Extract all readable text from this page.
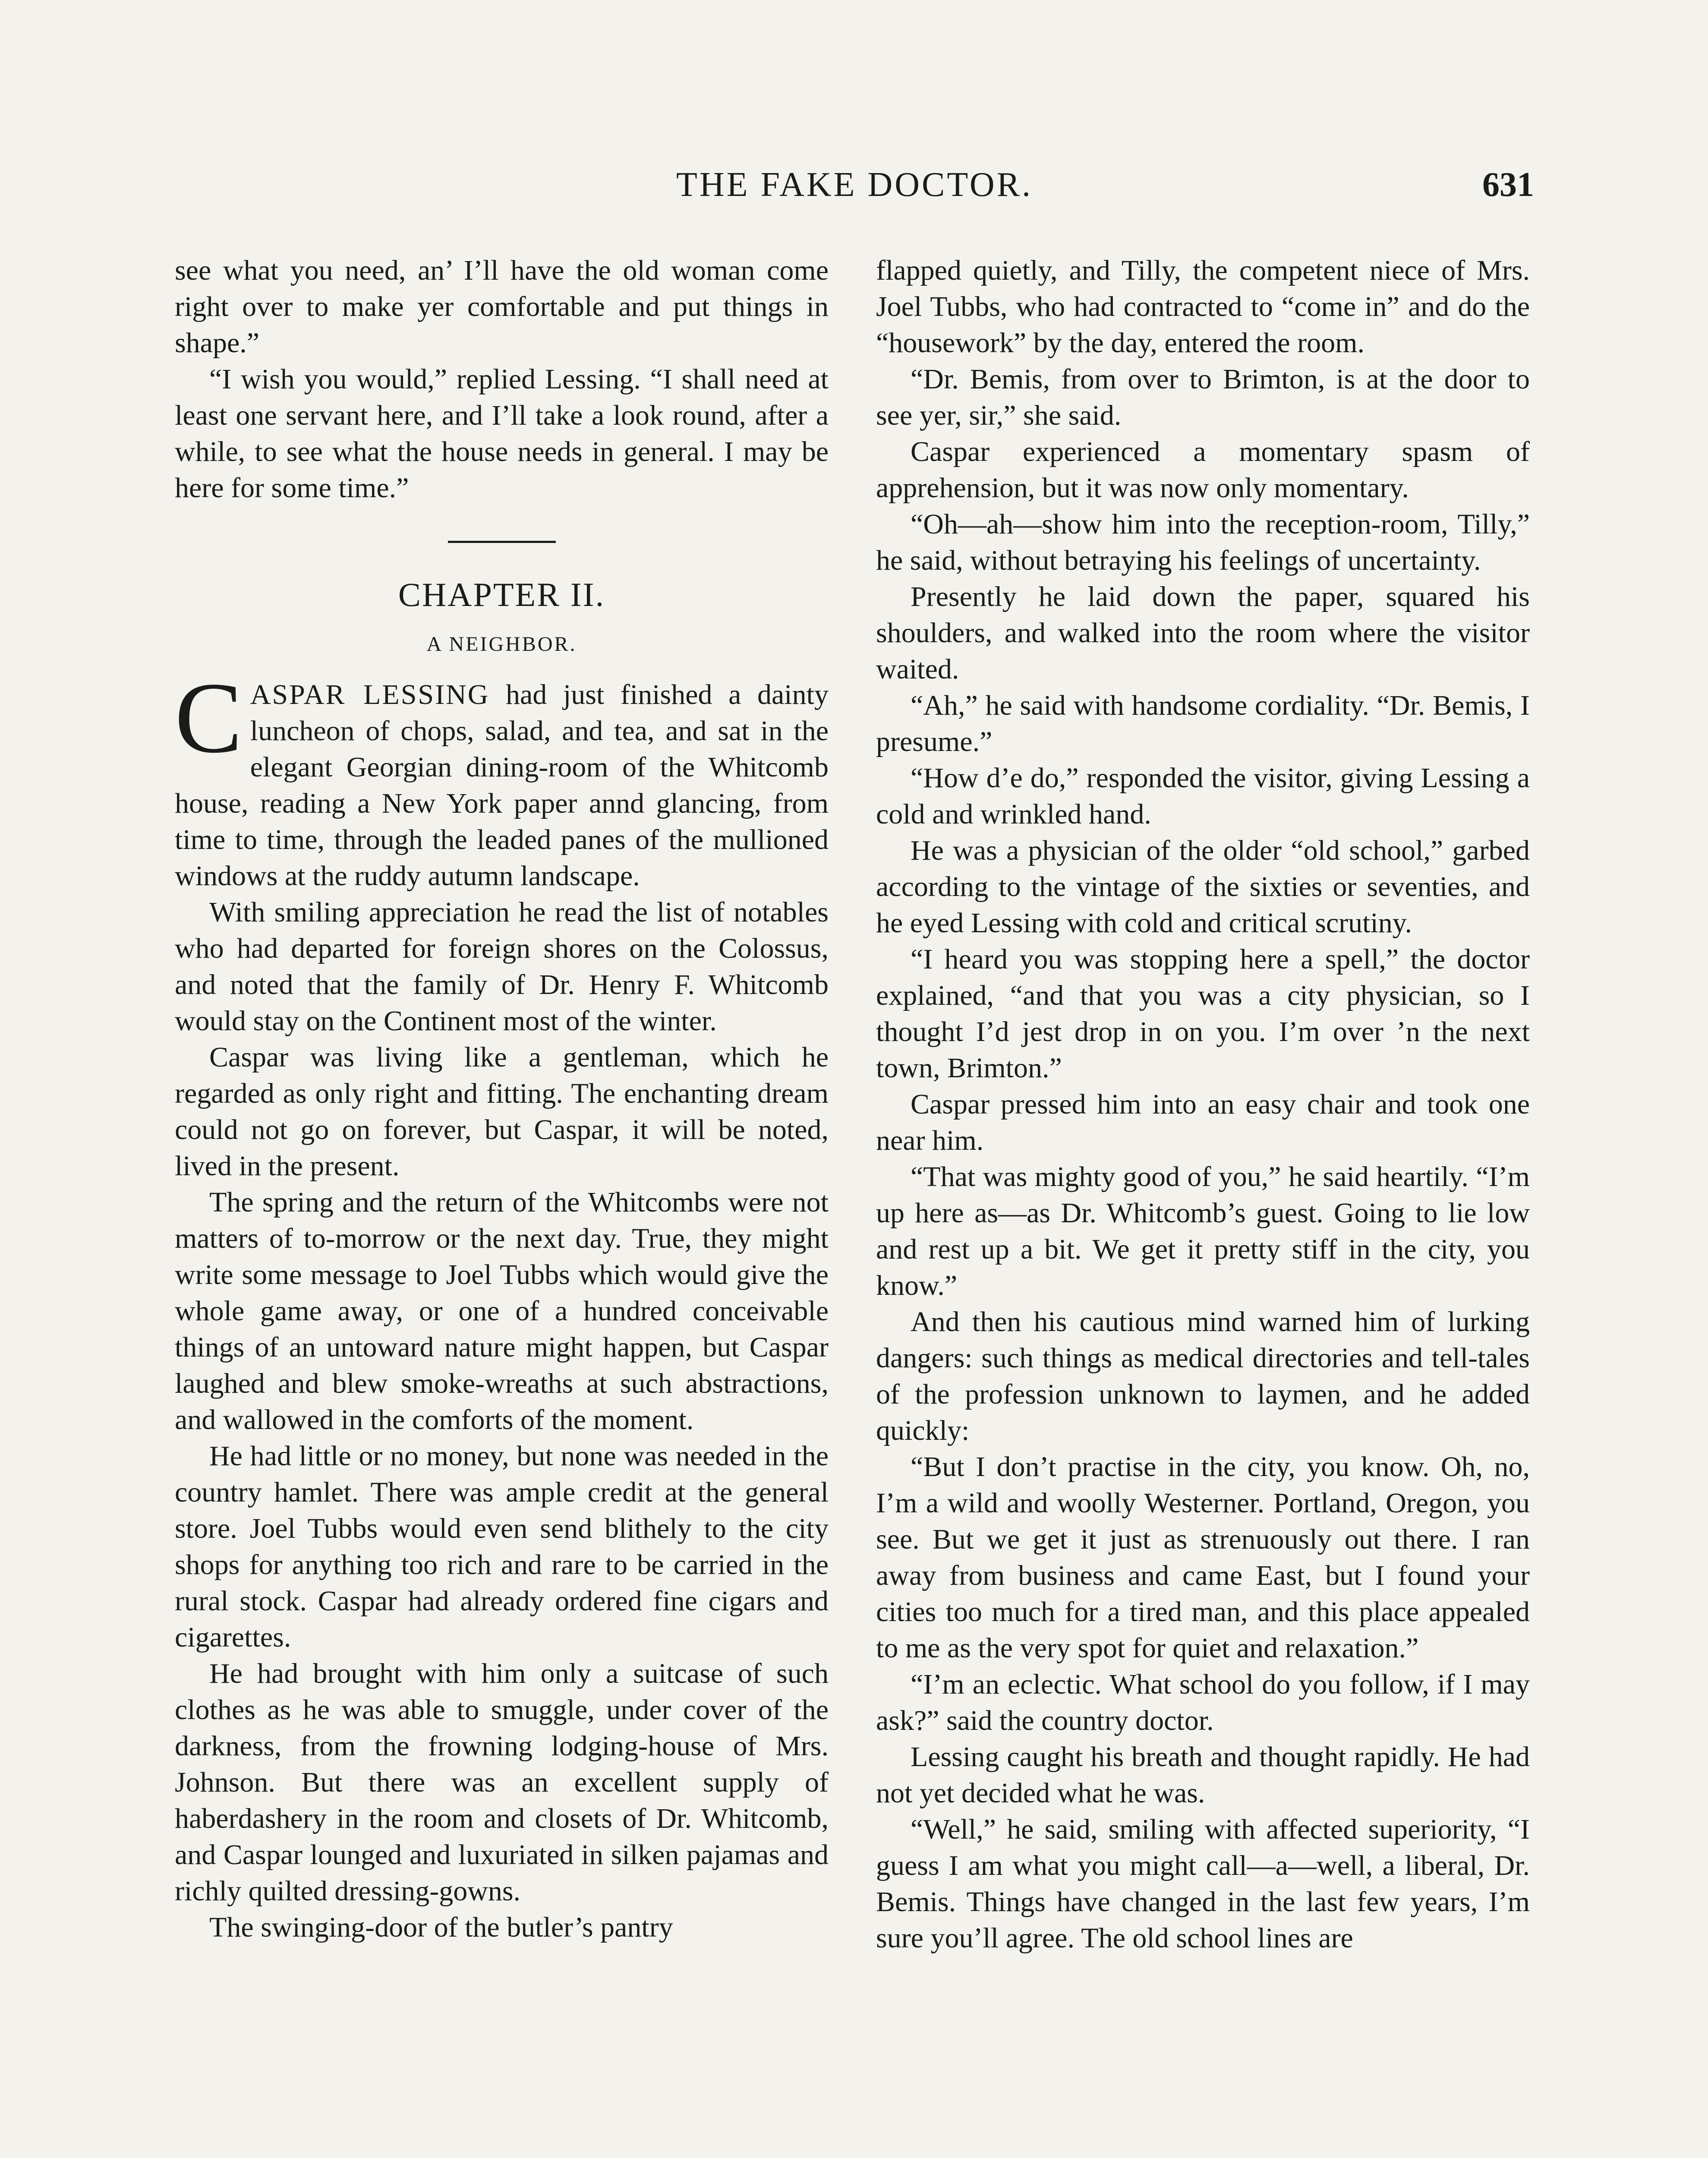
THE FAKE DOCTOR.	631

see what you need, an’ I’ll have the old woman come right over to make yer comfortable and put things in shape.”

“I wish you would,” replied Lessing. “I shall need at least one servant here, and I’ll take a look round, after a while, to see what the house needs in general. I may be here for some time.”

CHAPTER II.
A NEIGHBOR.

CASPAR LESSING had just finished a dainty luncheon of chops, salad, and tea, and sat in the elegant Georgian dining-room of the Whitcomb house, reading a New York paper annd glancing, from time to time, through the leaded panes of the mullioned windows at the ruddy autumn landscape.

With smiling appreciation he read the list of notables who had departed for foreign shores on the Colossus, and noted that the family of Dr. Henry F. Whitcomb would stay on the Continent most of the winter.

Caspar was living like a gentleman, which he regarded as only right and fitting. The enchanting dream could not go on forever, but Caspar, it will be noted, lived in the present.

The spring and the return of the Whitcombs were not matters of to-morrow or the next day. True, they might write some message to Joel Tubbs which would give the whole game away, or one of a hundred conceivable things of an untoward nature might happen, but Caspar laughed and blew smoke-wreaths at such abstractions, and wallowed in the comforts of the moment.

He had little or no money, but none was needed in the country hamlet. There was ample credit at the general store. Joel Tubbs would even send blithely to the city shops for anything too rich and rare to be carried in the rural stock. Caspar had already ordered fine cigars and cigarettes.

He had brought with him only a suitcase of such clothes as he was able to smuggle, under cover of the darkness, from the frowning lodging-house of Mrs. Johnson. But there was an excellent supply of haberdashery in the room and closets of Dr. Whitcomb, and Caspar lounged and luxuriated in silken pajamas and richly quilted dressing-gowns.

The swinging-door of the butler’s pantry

flapped quietly, and Tilly, the competent niece of Mrs. Joel Tubbs, who had contracted to “come in” and do the “housework” by the day, entered the room.

“Dr. Bemis, from over to Brimton, is at the door to see yer, sir,” she said.

Caspar experienced a momentary spasm of apprehension, but it was now only momentary.

“Oh—ah—show him into the reception-room, Tilly,” he said, without betraying his feelings of uncertainty.

Presently he laid down the paper, squared his shoulders, and walked into the room where the visitor waited.

“Ah,” he said with handsome cordiality. “Dr. Bemis, I presume.”

“How d’e do,” responded the visitor, giving Lessing a cold and wrinkled hand.

He was a physician of the older “old school,” garbed according to the vintage of the sixties or seventies, and he eyed Lessing with cold and critical scrutiny.

“I heard you was stopping here a spell,” the doctor explained, “and that you was a city physician, so I thought I’d jest drop in on you. I’m over ’n the next town, Brimton.”

Caspar pressed him into an easy chair and took one near him.

“That was mighty good of you,” he said heartily. “I’m up here as—as Dr. Whitcomb’s guest. Going to lie low and rest up a bit. We get it pretty stiff in the city, you know.”

And then his cautious mind warned him of lurking dangers: such things as medical directories and tell-tales of the profession unknown to laymen, and he added quickly:

“But I don’t practise in the city, you know. Oh, no, I’m a wild and woolly Westerner. Portland, Oregon, you see. But we get it just as strenuously out there. I ran away from business and came East, but I found your cities too much for a tired man, and this place appealed to me as the very spot for quiet and relaxation.”

“I’m an eclectic. What school do you follow, if I may ask?” said the country doctor.

Lessing caught his breath and thought rapidly. He had not yet decided what he was.

“Well,” he said, smiling with affected superiority, “I guess I am what you might call—a—well, a liberal, Dr. Bemis. Things have changed in the last few years, I’m sure you’ll agree. The old school lines are
